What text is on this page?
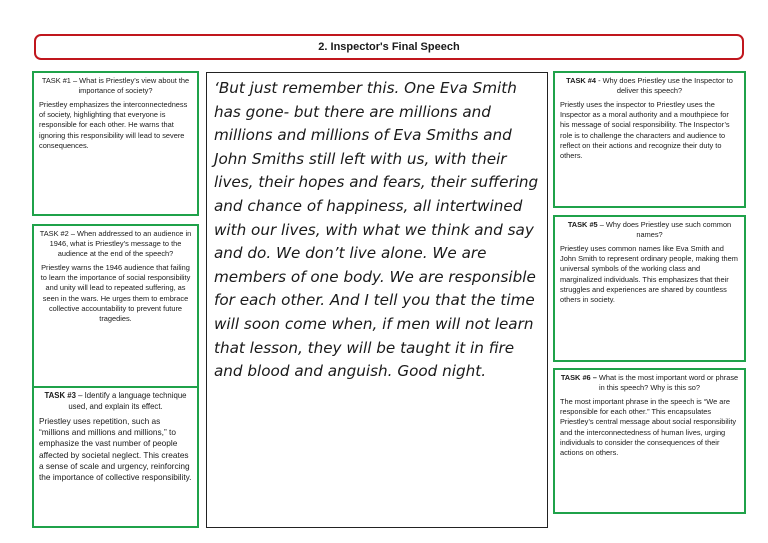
2. Inspector's Final Speech
TASK #1 – What is Priestley’s view about the importance of society?
Priestley emphasizes the interconnectedness of society, highlighting that everyone is responsible for each other. He warns that ignoring this responsibility will lead to severe consequences.
TASK #2 – When addressed to an audience in 1946, what is Priestley’s message to the audience at the end of the speech?
Priestley warns the 1946 audience that failing to learn the importance of social responsibility and unity will lead to repeated suffering, as seen in the wars. He urges them to embrace collective accountability to prevent future tragedies.
TASK #3 – Identify a language technique used, and explain its effect.
Priestley uses repetition, such as “millions and millions and millions,” to emphasize the vast number of people affected by societal neglect. This creates a sense of scale and urgency, reinforcing the importance of collective responsibility.

‘But just remember this. One Eva Smith has gone- but there are millions and millions and millions of Eva Smiths and John Smiths still left with us, with their lives, their hopes and fears, their suffering and chance of happiness, all intertwined with our lives, with what we think and say and do. We don’t live alone. We are members of one body. We are responsible for each other. And I tell you that the time will soon come when, if men will not learn that lesson, they will be taught it in fire and blood and anguish. Good night.

TASK #4 - Why does Priestley use the Inspector to deliver this speech?
Priestly uses the inspector to Priestley uses the Inspector as a moral authority and a mouthpiece for his message of social responsibility. The Inspector’s role is to challenge the characters and audience to reflect on their actions and recognize their duty to others.
TASK #5 – Why does Priestley use such common names?
Priestley uses common names like Eva Smith and John Smith to represent ordinary people, making them universal symbols of the working class and marginalized individuals. This emphasizes that their struggles and experiences are shared by countless others in society.
TASK #6 – What is the most important word or phrase in this speech? Why is this so?
The most important phrase in the speech is “We are responsible for each other.” This encapsulates Priestley’s central message about social responsibility and the interconnectedness of human lives, urging individuals to consider the consequences of their actions on others.
